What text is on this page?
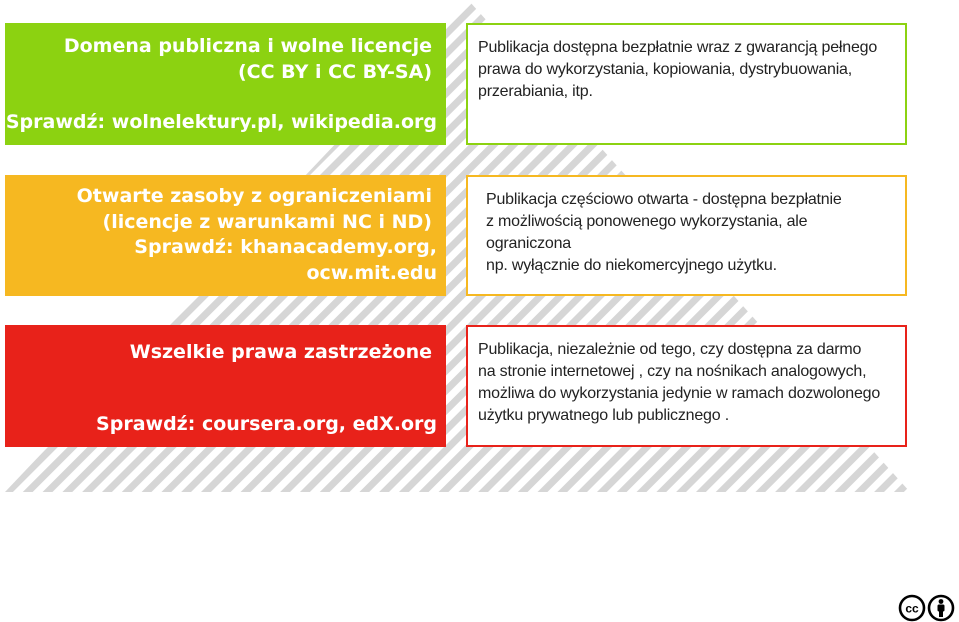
Domena publiczna i wolne licencje
(CC BY i CC BY-SA)
Sprawdź: wolnelektury.pl, wikipedia.org
Publikacja dostępna bezpłatnie wraz z gwarancją pełnego
prawa do wykorzystania, kopiowania, dystrybuowania,
przerabiania, itp.
Otwarte zasoby z ograniczeniami
(licencje z warunkami NC i ND)
Sprawdź: khanacademy.org, ocw.mit.edu
Publikacja częściowo otwarta - dostępna bezpłatnie
z możliwością ponowenego wykorzystania, ale ograniczona
np. wyłącznie do niekomercyjnego użytku.
Wszelkie prawa zastrzeżone
Sprawdź: coursera.org, edX.org
Publikacja, niezależnie od tego, czy dostępna za darmo
na stronie internetowej , czy na nośnikach analogowych,
możliwa do wykorzystania jedynie w ramach dozwolonego
użytku prywatnego lub publicznego .
cc
